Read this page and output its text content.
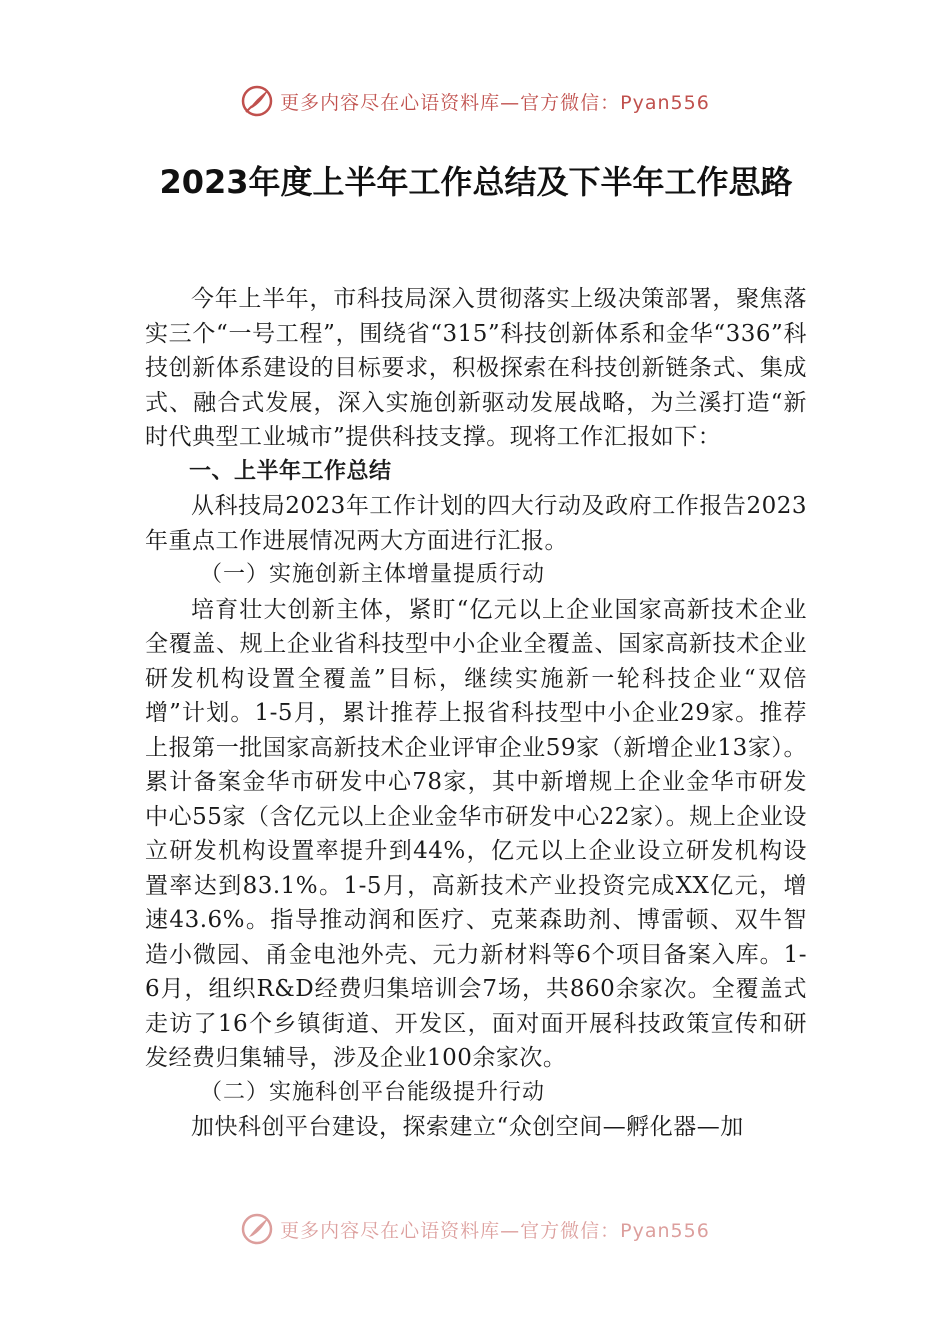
更多内容尽在心语资料库—官方微信：Pyan556
2023年度上半年工作总结及下半年工作思路

今年上半年，市科技局深入贯彻落实上级决策部署，聚焦落实三个“一号工程”，围绕省“315”科技创新体系和金华“336”科技创新体系建设的目标要求，积极探索在科技创新链条式、集成式、融合式发展，深入实施创新驱动发展战略，为兰溪打造“新时代典型工业城市”提供科技支撑。现将工作汇报如下：

一、上半年工作总结

从科技局2023年工作计划的四大行动及政府工作报告2023年重点工作进展情况两大方面进行汇报。

（一）实施创新主体增量提质行动

培育壮大创新主体，紧盯“亿元以上企业国家高新技术企业全覆盖、规上企业省科技型中小企业全覆盖、国家高新技术企业研发机构设置全覆盖”目标，继续实施新一轮科技企业“双倍增”计划。1-5月，累计推荐上报省科技型中小企业29家。推荐上报第一批国家高新技术企业评审企业59家（新增企业13家）。累计备案金华市研发中心78家，其中新增规上企业金华市研发中心55家（含亿元以上企业金华市研发中心22家）。规上企业设立研发机构设置率提升到44%，亿元以上企业设立研发机构设置率达到83.1%。1-5月，高新技术产业投资完成XX亿元，增速43.6%。指导推动润和医疗、克莱森助剂、博雷顿、双牛智造小微园、甬金电池外壳、元力新材料等6个项目备案入库。1-6月，组织R&D经费归集培训会7场，共860余家次。全覆盖式走访了16个乡镇街道、开发区，面对面开展科技政策宣传和研发经费归集辅导，涉及企业100余家次。

（二）实施科创平台能级提升行动

加快科创平台建设，探索建立“众创空间—孵化器—加

更多内容尽在心语资料库—官方微信：Pyan556
